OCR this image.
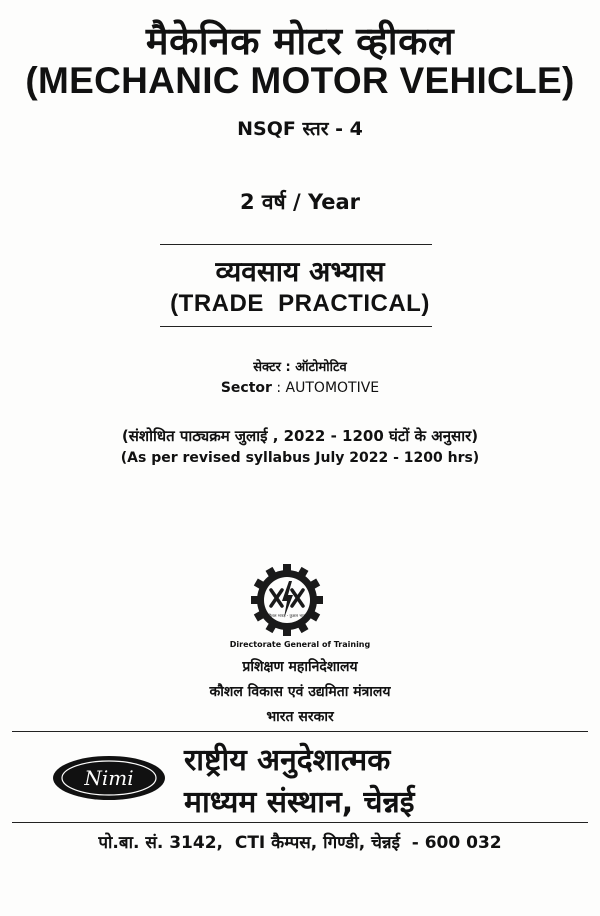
मैकेनिक मोटर व्हीकल
(MECHANIC MOTOR VEHICLE)
NSQF स्तर - 4
2 वर्ष / Year
व्यवसाय अभ्यास
(TRADE  PRACTICAL)
सेक्टर : ऑटोमोटिव
Sector : AUTOMOTIVE
(संशोधित पाठ्यक्रम जुलाई , 2022 - 1200 घंटों के अनुसार)
(As per revised syllabus July 2022 - 1200 hrs)
कौशल भारत - कुशल भारत
Directorate General of Training
प्रशिक्षण महानिदेशालय
कौशल विकास एवं उद्यमिता मंत्रालय
भारत सरकार
Nimi राष्ट्रीय अनुदेशात्मक
माध्यम संस्थान, चेन्नई
पो.बा. सं. 3142,  CTI कैम्पस, गिण्डी, चेन्नई  - 600 032
